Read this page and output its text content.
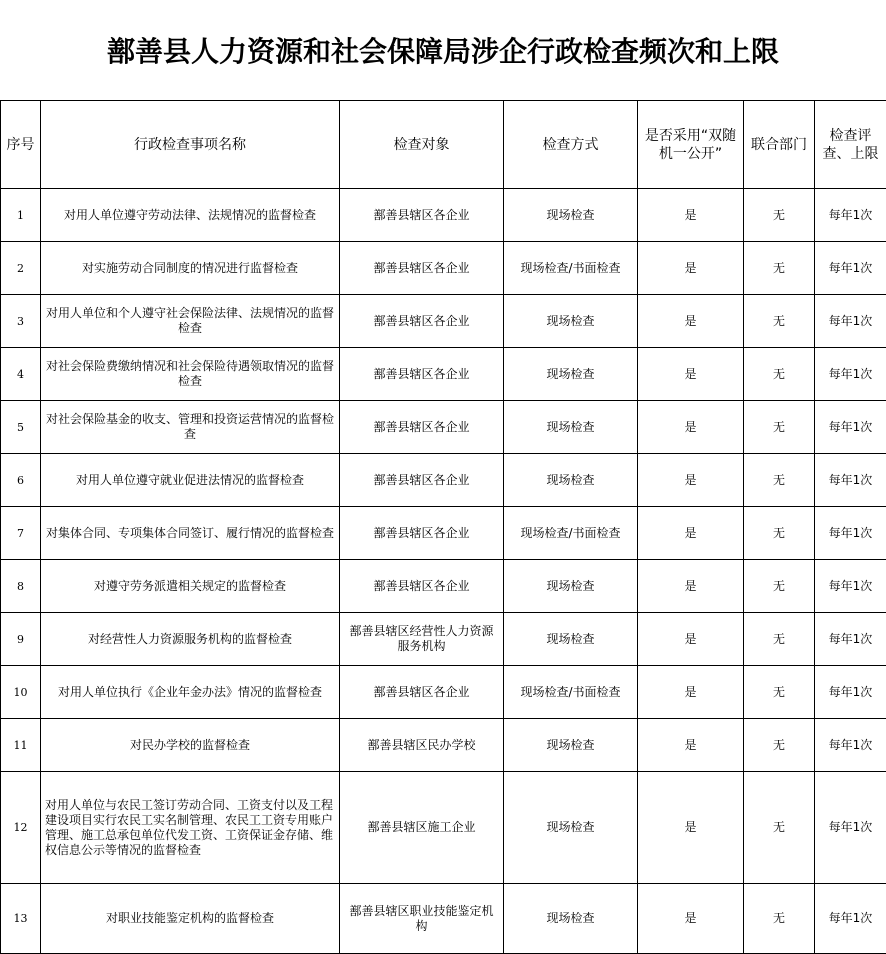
鄯善县人力资源和社会保障局涉企行政检查频次和上限
序号	行政检查事项名称	检查对象	检查方式	是否采用“双随机一公开”	联合部门	检查评查、上限
1	对用人单位遵守劳动法律、法规情况的监督检查	鄯善县辖区各企业	现场检查	是	无	每年1次
2	对实施劳动合同制度的情况进行监督检查	鄯善县辖区各企业	现场检查/书面检查	是	无	每年1次
3	对用人单位和个人遵守社会保险法律、法规情况的监督检查	鄯善县辖区各企业	现场检查	是	无	每年1次
4	对社会保险费缴纳情况和社会保险待遇领取情况的监督检查	鄯善县辖区各企业	现场检查	是	无	每年1次
5	对社会保险基金的收支、管理和投资运营情况的监督检查	鄯善县辖区各企业	现场检查	是	无	每年1次
6	对用人单位遵守就业促进法情况的监督检查	鄯善县辖区各企业	现场检查	是	无	每年1次
7	对集体合同、专项集体合同签订、履行情况的监督检查	鄯善县辖区各企业	现场检查/书面检查	是	无	每年1次
8	对遵守劳务派遣相关规定的监督检查	鄯善县辖区各企业	现场检查	是	无	每年1次
9	对经营性人力资源服务机构的监督检查	鄯善县辖区经营性人力资源服务机构	现场检查	是	无	每年1次
10	对用人单位执行《企业年金办法》情况的监督检查	鄯善县辖区各企业	现场检查/书面检查	是	无	每年1次
11	对民办学校的监督检查	鄯善县辖区民办学校	现场检查	是	无	每年1次
12	对用人单位与农民工签订劳动合同、工资支付以及工程建设项目实行农民工实名制管理、农民工工资专用账户管理、施工总承包单位代发工资、工资保证金存储、维权信息公示等情况的监督检查	鄯善县辖区施工企业	现场检查	是	无	每年1次
13	对职业技能鉴定机构的监督检查	鄯善县辖区职业技能鉴定机构	现场检查	是	无	每年1次
